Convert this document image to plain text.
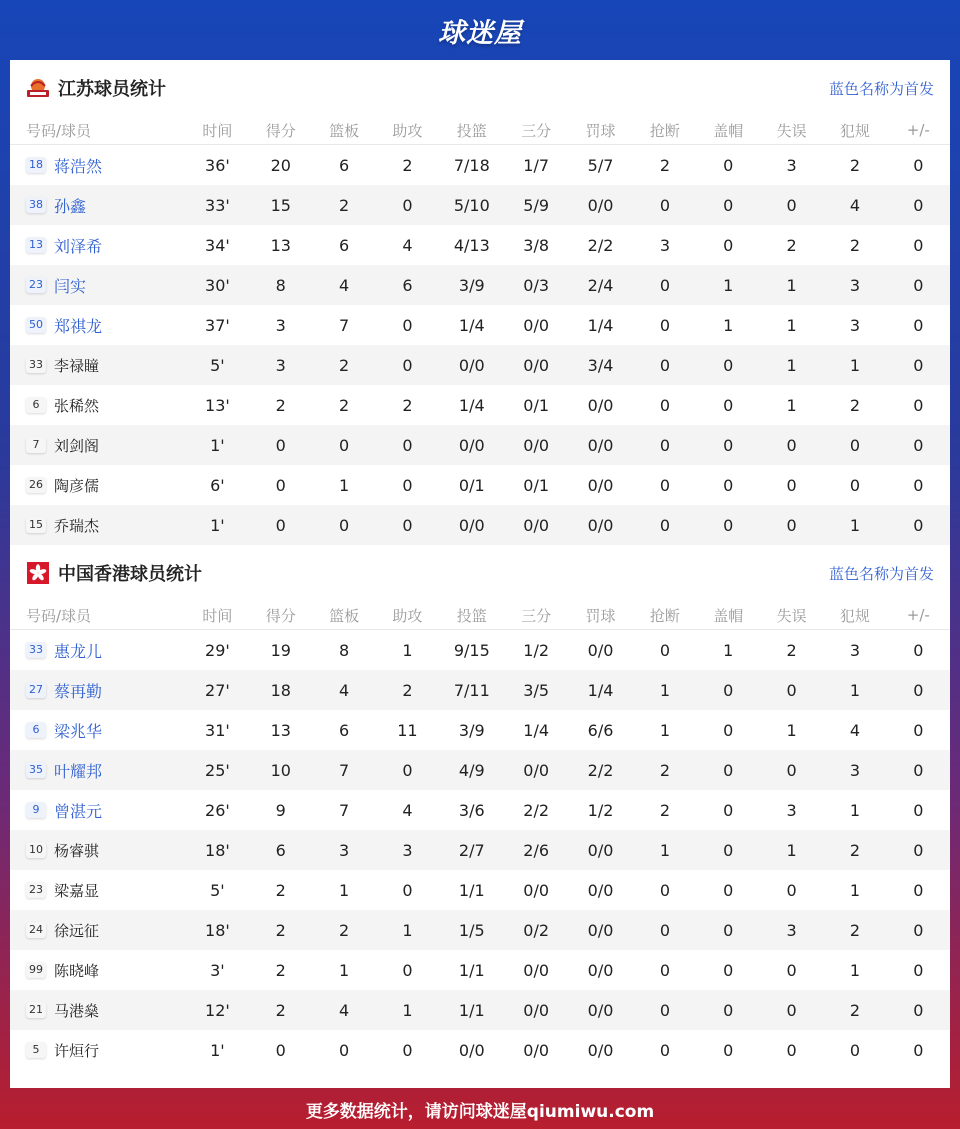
球迷屋
江苏球员统计	蓝色名称为首发
号码/球员	时间	得分	篮板	助攻	投篮	三分	罚球	抢断	盖帽	失误	犯规	+/-
18 蒋浩然	36'	20	6	2	7/18	1/7	5/7	2	0	3	2	0
38 孙鑫	33'	15	2	0	5/10	5/9	0/0	0	0	0	4	0
13 刘泽希	34'	13	6	4	4/13	3/8	2/2	3	0	2	2	0
23 闫实	30'	8	4	6	3/9	0/3	2/4	0	1	1	3	0
50 郑祺龙	37'	3	7	0	1/4	0/0	1/4	0	1	1	3	0
33 李禄瞳	5'	3	2	0	0/0	0/0	3/4	0	0	1	1	0
6 张稀然	13'	2	2	2	1/4	0/1	0/0	0	0	1	2	0
7 刘剑阁	1'	0	0	0	0/0	0/0	0/0	0	0	0	0	0
26 陶彦儒	6'	0	1	0	0/1	0/1	0/0	0	0	0	0	0
15 乔瑞杰	1'	0	0	0	0/0	0/0	0/0	0	0	0	1	0
中国香港球员统计	蓝色名称为首发
号码/球员	时间	得分	篮板	助攻	投篮	三分	罚球	抢断	盖帽	失误	犯规	+/-
33 惠龙儿	29'	19	8	1	9/15	1/2	0/0	0	1	2	3	0
27 蔡再勤	27'	18	4	2	7/11	3/5	1/4	1	0	0	1	0
6 梁兆华	31'	13	6	11	3/9	1/4	6/6	1	0	1	4	0
35 叶耀邦	25'	10	7	0	4/9	0/0	2/2	2	0	0	3	0
9 曾湛元	26'	9	7	4	3/6	2/2	1/2	2	0	3	1	0
10 杨睿骐	18'	6	3	3	2/7	2/6	0/0	1	0	1	2	0
23 梁嘉显	5'	2	1	0	1/1	0/0	0/0	0	0	0	1	0
24 徐远征	18'	2	2	1	1/5	0/2	0/0	0	0	3	2	0
99 陈晓峰	3'	2	1	0	1/1	0/0	0/0	0	0	0	1	0
21 马港燊	12'	2	4	1	1/1	0/0	0/0	0	0	0	2	0
5 许烜行	1'	0	0	0	0/0	0/0	0/0	0	0	0	0	0
更多数据统计，请访问球迷屋qiumiwu.com
